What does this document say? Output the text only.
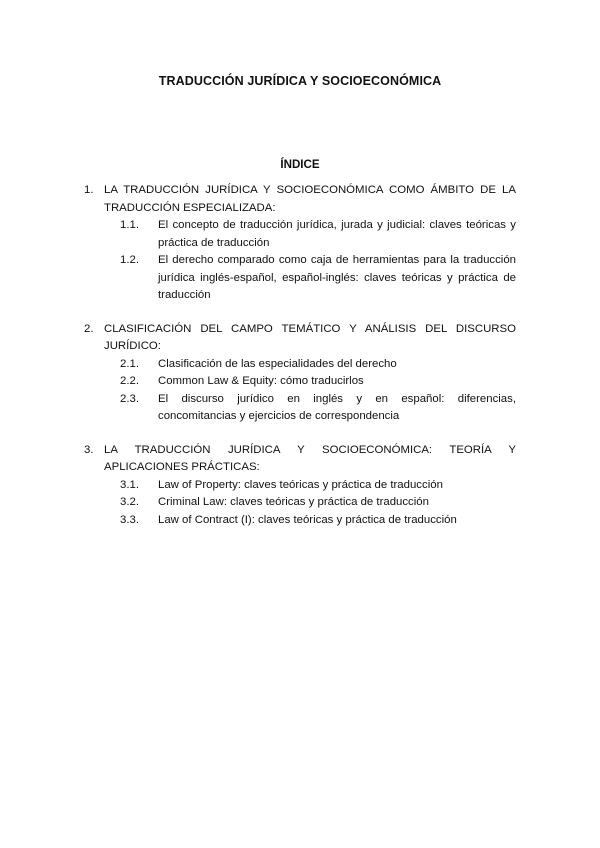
TRADUCCIÓN JURÍDICA Y SOCIOECONÓMICA
ÍNDICE
1. LA TRADUCCIÓN JURÍDICA Y SOCIOECONÓMICA COMO ÁMBITO DE LA TRADUCCIÓN ESPECIALIZADA:
1.1.	El concepto de traducción jurídica, jurada y judicial: claves teóricas y práctica de traducción
1.2.	El derecho comparado como caja de herramientas para la traducción jurídica inglés-español, español-inglés: claves teóricas y práctica de traducción
2. CLASIFICACIÓN DEL CAMPO TEMÁTICO Y ANÁLISIS DEL DISCURSO JURÍDICO:
2.1.	Clasificación de las especialidades del derecho
2.2.	Common Law & Equity: cómo traducirlos
2.3.	El discurso jurídico en inglés y en español: diferencias, concomitancias y ejercicios de correspondencia
3. LA TRADUCCIÓN JURÍDICA Y SOCIOECONÓMICA: TEORÍA Y APLICACIONES PRÁCTICAS:
3.1.	Law of Property: claves teóricas y práctica de traducción
3.2.	Criminal Law: claves teóricas y práctica de traducción
3.3.	Law of Contract (I): claves teóricas y práctica de traducción
